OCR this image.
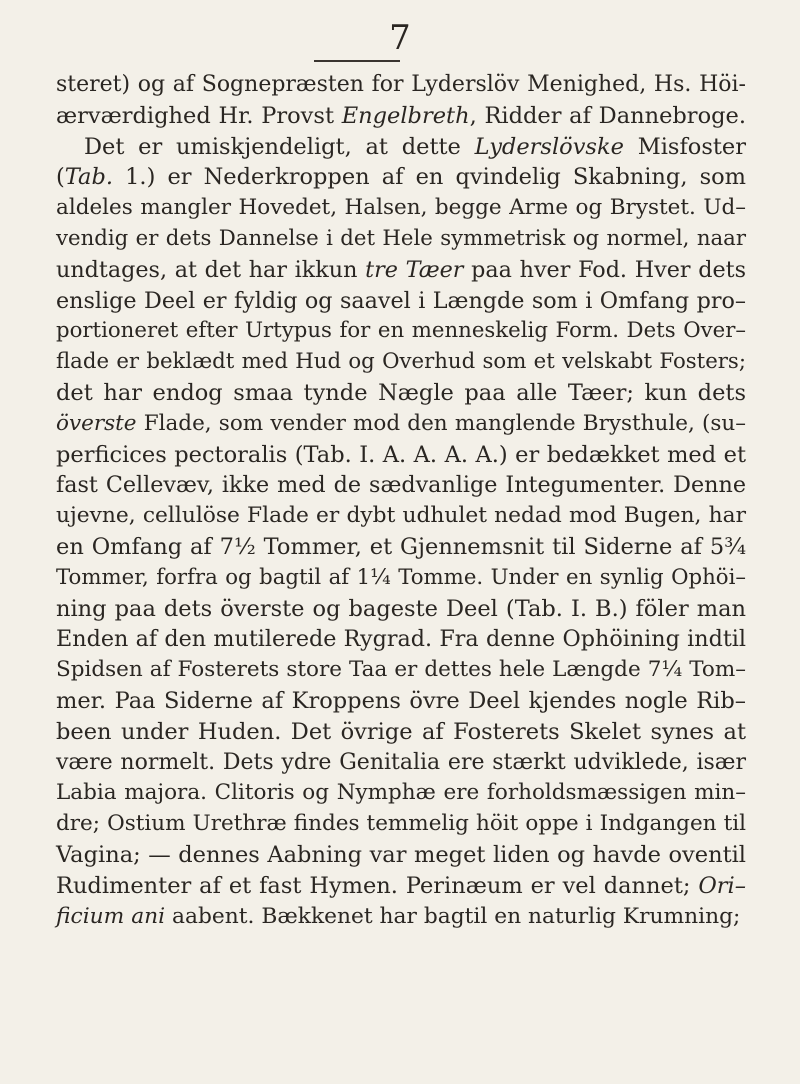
7
steret) og af Sognepræsten for Lyderslöv Menighed, Hs. Höi-
ærværdighed Hr. Provst Engelbreth, Ridder af Dannebroge.
Det er umiskjendeligt, at dette Lyderslövske Misfoster
(Tab. 1.) er Nederkroppen af en qvindelig Skabning, som
aldeles mangler Hovedet, Halsen, begge Arme og Brystet. Ud–
vendig er dets Dannelse i det Hele symmetrisk og normel, naar
undtages, at det har ikkun tre Tæer paa hver Fod. Hver dets
enslige Deel er fyldig og saavel i Længde som i Omfang pro–
portioneret efter Urtypus for en menneskelig Form. Dets Over–
flade er beklædt med Hud og Overhud som et velskabt Fosters;
det har endog smaa tynde Nægle paa alle Tæer; kun dets
överste Flade, som vender mod den manglende Brysthule, (su–
perficices pectoralis (Tab. I. A. A. A. A.) er bedækket med et
fast Cellevæv, ikke med de sædvanlige Integumenter. Denne
ujevne, cellulöse Flade er dybt udhulet nedad mod Bugen, har
en Omfang af 7½ Tommer, et Gjennemsnit til Siderne af 5¾
Tommer, forfra og bagtil af 1¼ Tomme. Under en synlig Ophöi–
ning paa dets överste og bageste Deel (Tab. I. B.) föler man
Enden af den mutilerede Rygrad. Fra denne Ophöining indtil
Spidsen af Fosterets store Taa er dettes hele Længde 7¼ Tom–
mer. Paa Siderne af Kroppens övre Deel kjendes nogle Rib–
been under Huden. Det övrige af Fosterets Skelet synes at
være normelt. Dets ydre Genitalia ere stærkt udviklede, især
Labia majora. Clitoris og Nymphæ ere forholdsmæssigen min–
dre; Ostium Urethræ findes temmelig höit oppe i Indgangen til
Vagina; — dennes Aabning var meget liden og havde oventil
Rudimenter af et fast Hymen. Perinæum er vel dannet; Ori–
ficium ani aabent. Bækkenet har bagtil en naturlig Krumning;
